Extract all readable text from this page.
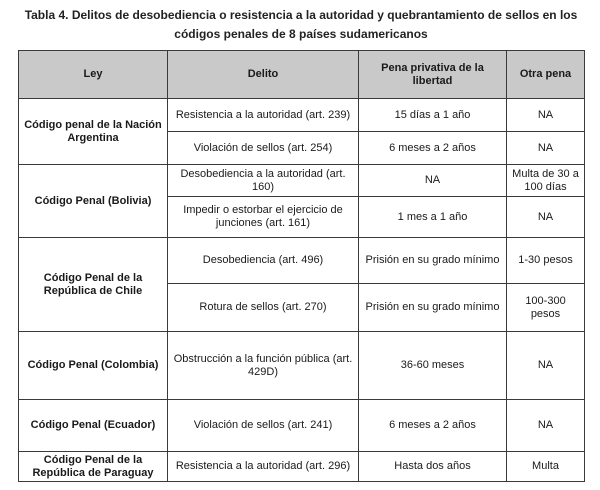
Tabla 4. Delitos de desobediencia o resistencia a la autoridad y quebrantamiento de sellos en los
códigos penales de 8 países sudamericanos
Ley	Delito	Pena privativa de la libertad	Otra pena
Código penal de la Nación Argentina	Resistencia a la autoridad (art. 239)	15 días a 1 año	NA
	Violación de sellos (art. 254)	6 meses a 2 años	NA
Código Penal (Bolivia)	Desobediencia a la autoridad (art. 160)	NA	Multa de 30 a 100 días
	Impedir o estorbar el ejercicio de junciones (art. 161)	1 mes a 1 año	NA
Código Penal de la República de Chile	Desobediencia (art. 496)	Prisión en su grado mínimo	1-30 pesos
	Rotura de sellos (art. 270)	Prisión en su grado mínimo	100-300 pesos
Código Penal (Colombia)	Obstrucción a la función pública (art. 429D)	36-60 meses	NA
Código Penal (Ecuador)	Violación de sellos (art. 241)	6 meses a 2 años	NA
Código Penal de la República de Paraguay	Resistencia a la autoridad (art. 296)	Hasta dos años	Multa
